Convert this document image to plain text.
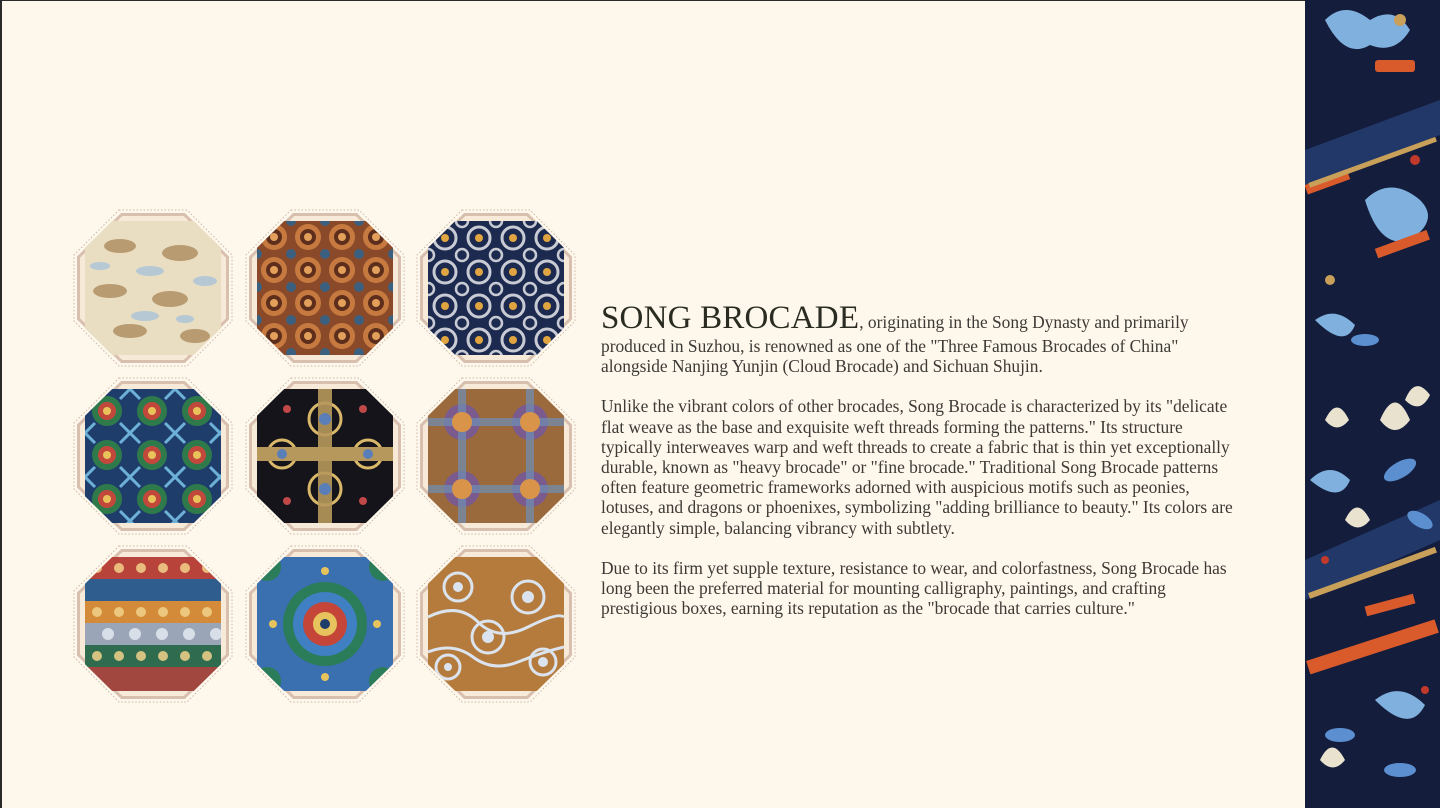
SONG BROCADE, originating in the Song Dynasty and primarily produced in Suzhou, is renowned as one of the "Three Famous Brocades of China" alongside Nanjing Yunjin (Cloud Brocade) and Sichuan Shujin.

Unlike the vibrant colors of other brocades, Song Brocade is characterized by its "delicate flat weave as the base and exquisite weft threads forming the patterns." Its structure typically interweaves warp and weft threads to create a fabric that is thin yet exceptionally durable, known as "heavy brocade" or "fine brocade." Traditional Song Brocade patterns often feature geometric frameworks adorned with auspicious motifs such as peonies, lotuses, and dragons or phoenixes, symbolizing "adding brilliance to beauty." Its colors are elegantly simple, balancing vibrancy with subtlety.

Due to its firm yet supple texture, resistance to wear, and colorfastness, Song Brocade has long been the preferred material for mounting calligraphy, paintings, and crafting prestigious boxes, earning its reputation as the "brocade that carries culture."
